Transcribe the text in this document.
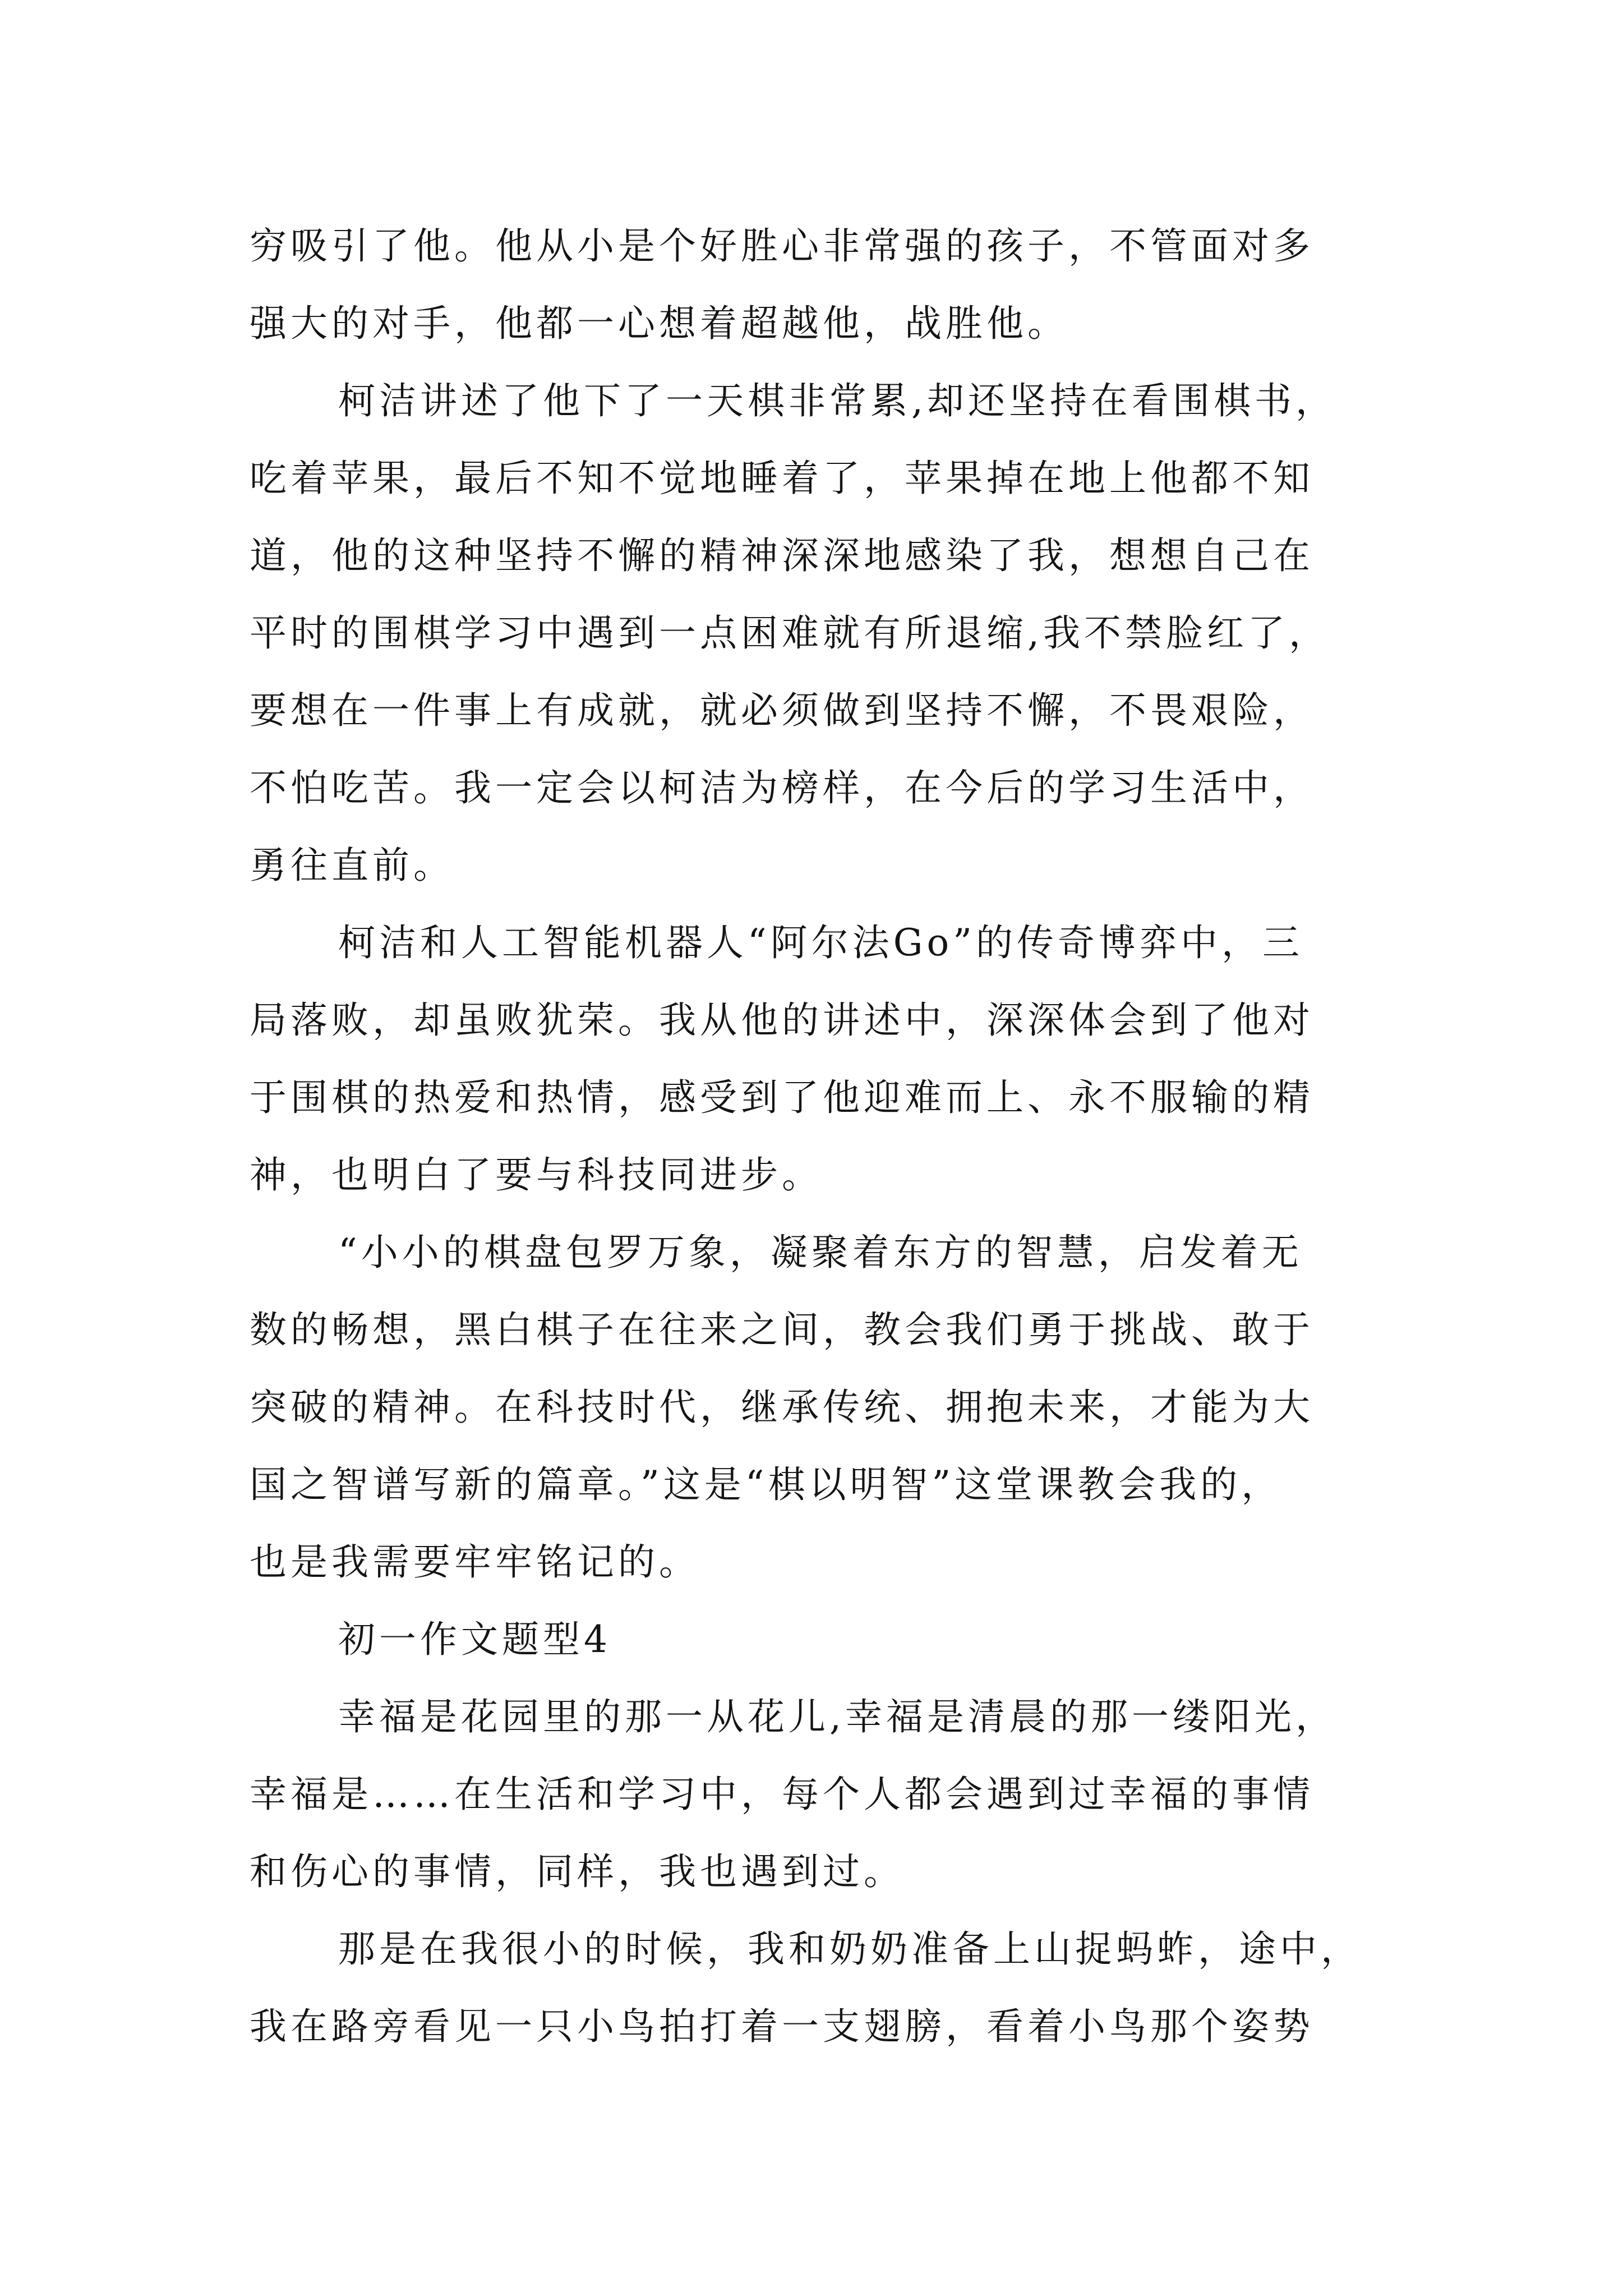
穷吸引了他。他从小是个好胜心非常强的孩子，不管面对多
强大的对手，他都一心想着超越他，战胜他。
柯洁讲述了他下了一天棋非常累,却还坚持在看围棋书，
吃着苹果，最后不知不觉地睡着了，苹果掉在地上他都不知
道，他的这种坚持不懈的精神深深地感染了我，想想自己在
平时的围棋学习中遇到一点困难就有所退缩,我不禁脸红了，
要想在一件事上有成就，就必须做到坚持不懈，不畏艰险，
不怕吃苦。我一定会以柯洁为榜样，在今后的学习生活中，
勇往直前。
柯洁和人工智能机器人“阿尔法Go”的传奇博弈中，三
局落败，却虽败犹荣。我从他的讲述中，深深体会到了他对
于围棋的热爱和热情，感受到了他迎难而上、永不服输的精
神，也明白了要与科技同进步。
“小小的棋盘包罗万象，凝聚着东方的智慧，启发着无
数的畅想，黑白棋子在往来之间，教会我们勇于挑战、敢于
突破的精神。在科技时代，继承传统、拥抱未来，才能为大
国之智谱写新的篇章。”这是“棋以明智”这堂课教会我的，
也是我需要牢牢铭记的。
初一作文题型4
幸福是花园里的那一从花儿,幸福是清晨的那一缕阳光，
幸福是……在生活和学习中，每个人都会遇到过幸福的事情
和伤心的事情，同样，我也遇到过。
那是在我很小的时候，我和奶奶准备上山捉蚂蚱，途中，
我在路旁看见一只小鸟拍打着一支翅膀，看着小鸟那个姿势
